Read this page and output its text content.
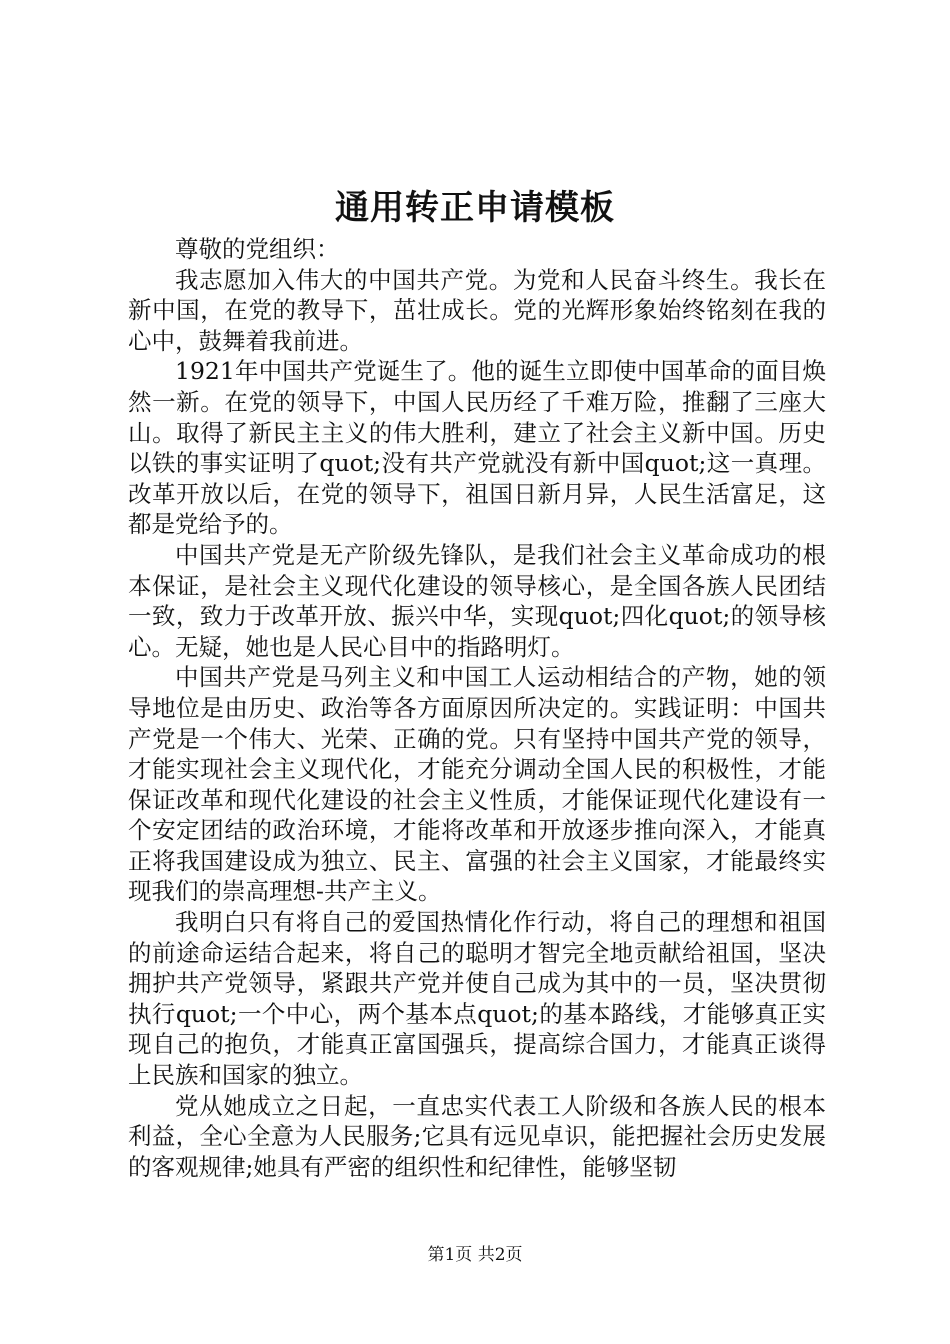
通用转正申请模板

尊敬的党组织：

我志愿加入伟大的中国共产党。为党和人民奋斗终生。我长在新中国，在党的教导下，茁壮成长。党的光辉形象始终铭刻在我的心中，鼓舞着我前进。

1921年中国共产党诞生了。他的诞生立即使中国革命的面目焕然一新。在党的领导下，中国人民历经了千难万险，推翻了三座大山。取得了新民主主义的伟大胜利，建立了社会主义新中国。历史以铁的事实证明了quot;没有共产党就没有新中国quot;这一真理。改革开放以后，在党的领导下，祖国日新月异，人民生活富足，这都是党给予的。

中国共产党是无产阶级先锋队，是我们社会主义革命成功的根本保证，是社会主义现代化建设的领导核心，是全国各族人民团结一致，致力于改革开放、振兴中华，实现quot;四化quot;的领导核心。无疑，她也是人民心目中的指路明灯。

中国共产党是马列主义和中国工人运动相结合的产物，她的领导地位是由历史、政治等各方面原因所决定的。实践证明：中国共产党是一个伟大、光荣、正确的党。只有坚持中国共产党的领导，才能实现社会主义现代化，才能充分调动全国人民的积极性，才能保证改革和现代化建设的社会主义性质，才能保证现代化建设有一个安定团结的政治环境，才能将改革和开放逐步推向深入，才能真正将我国建设成为独立、民主、富强的社会主义国家，才能最终实现我们的崇高理想-共产主义。

我明白只有将自己的爱国热情化作行动，将自己的理想和祖国的前途命运结合起来，将自己的聪明才智完全地贡献给祖国，坚决拥护共产党领导，紧跟共产党并使自己成为其中的一员，坚决贯彻执行quot;一个中心，两个基本点quot;的基本路线，才能够真正实现自己的抱负，才能真正富国强兵，提高综合国力，才能真正谈得上民族和国家的独立。

党从她成立之日起，一直忠实代表工人阶级和各族人民的根本利益，全心全意为人民服务;它具有远见卓识，能把握社会历史发展的客观规律;她具有严密的组织性和纪律性，能够坚韧

第1页 共2页
